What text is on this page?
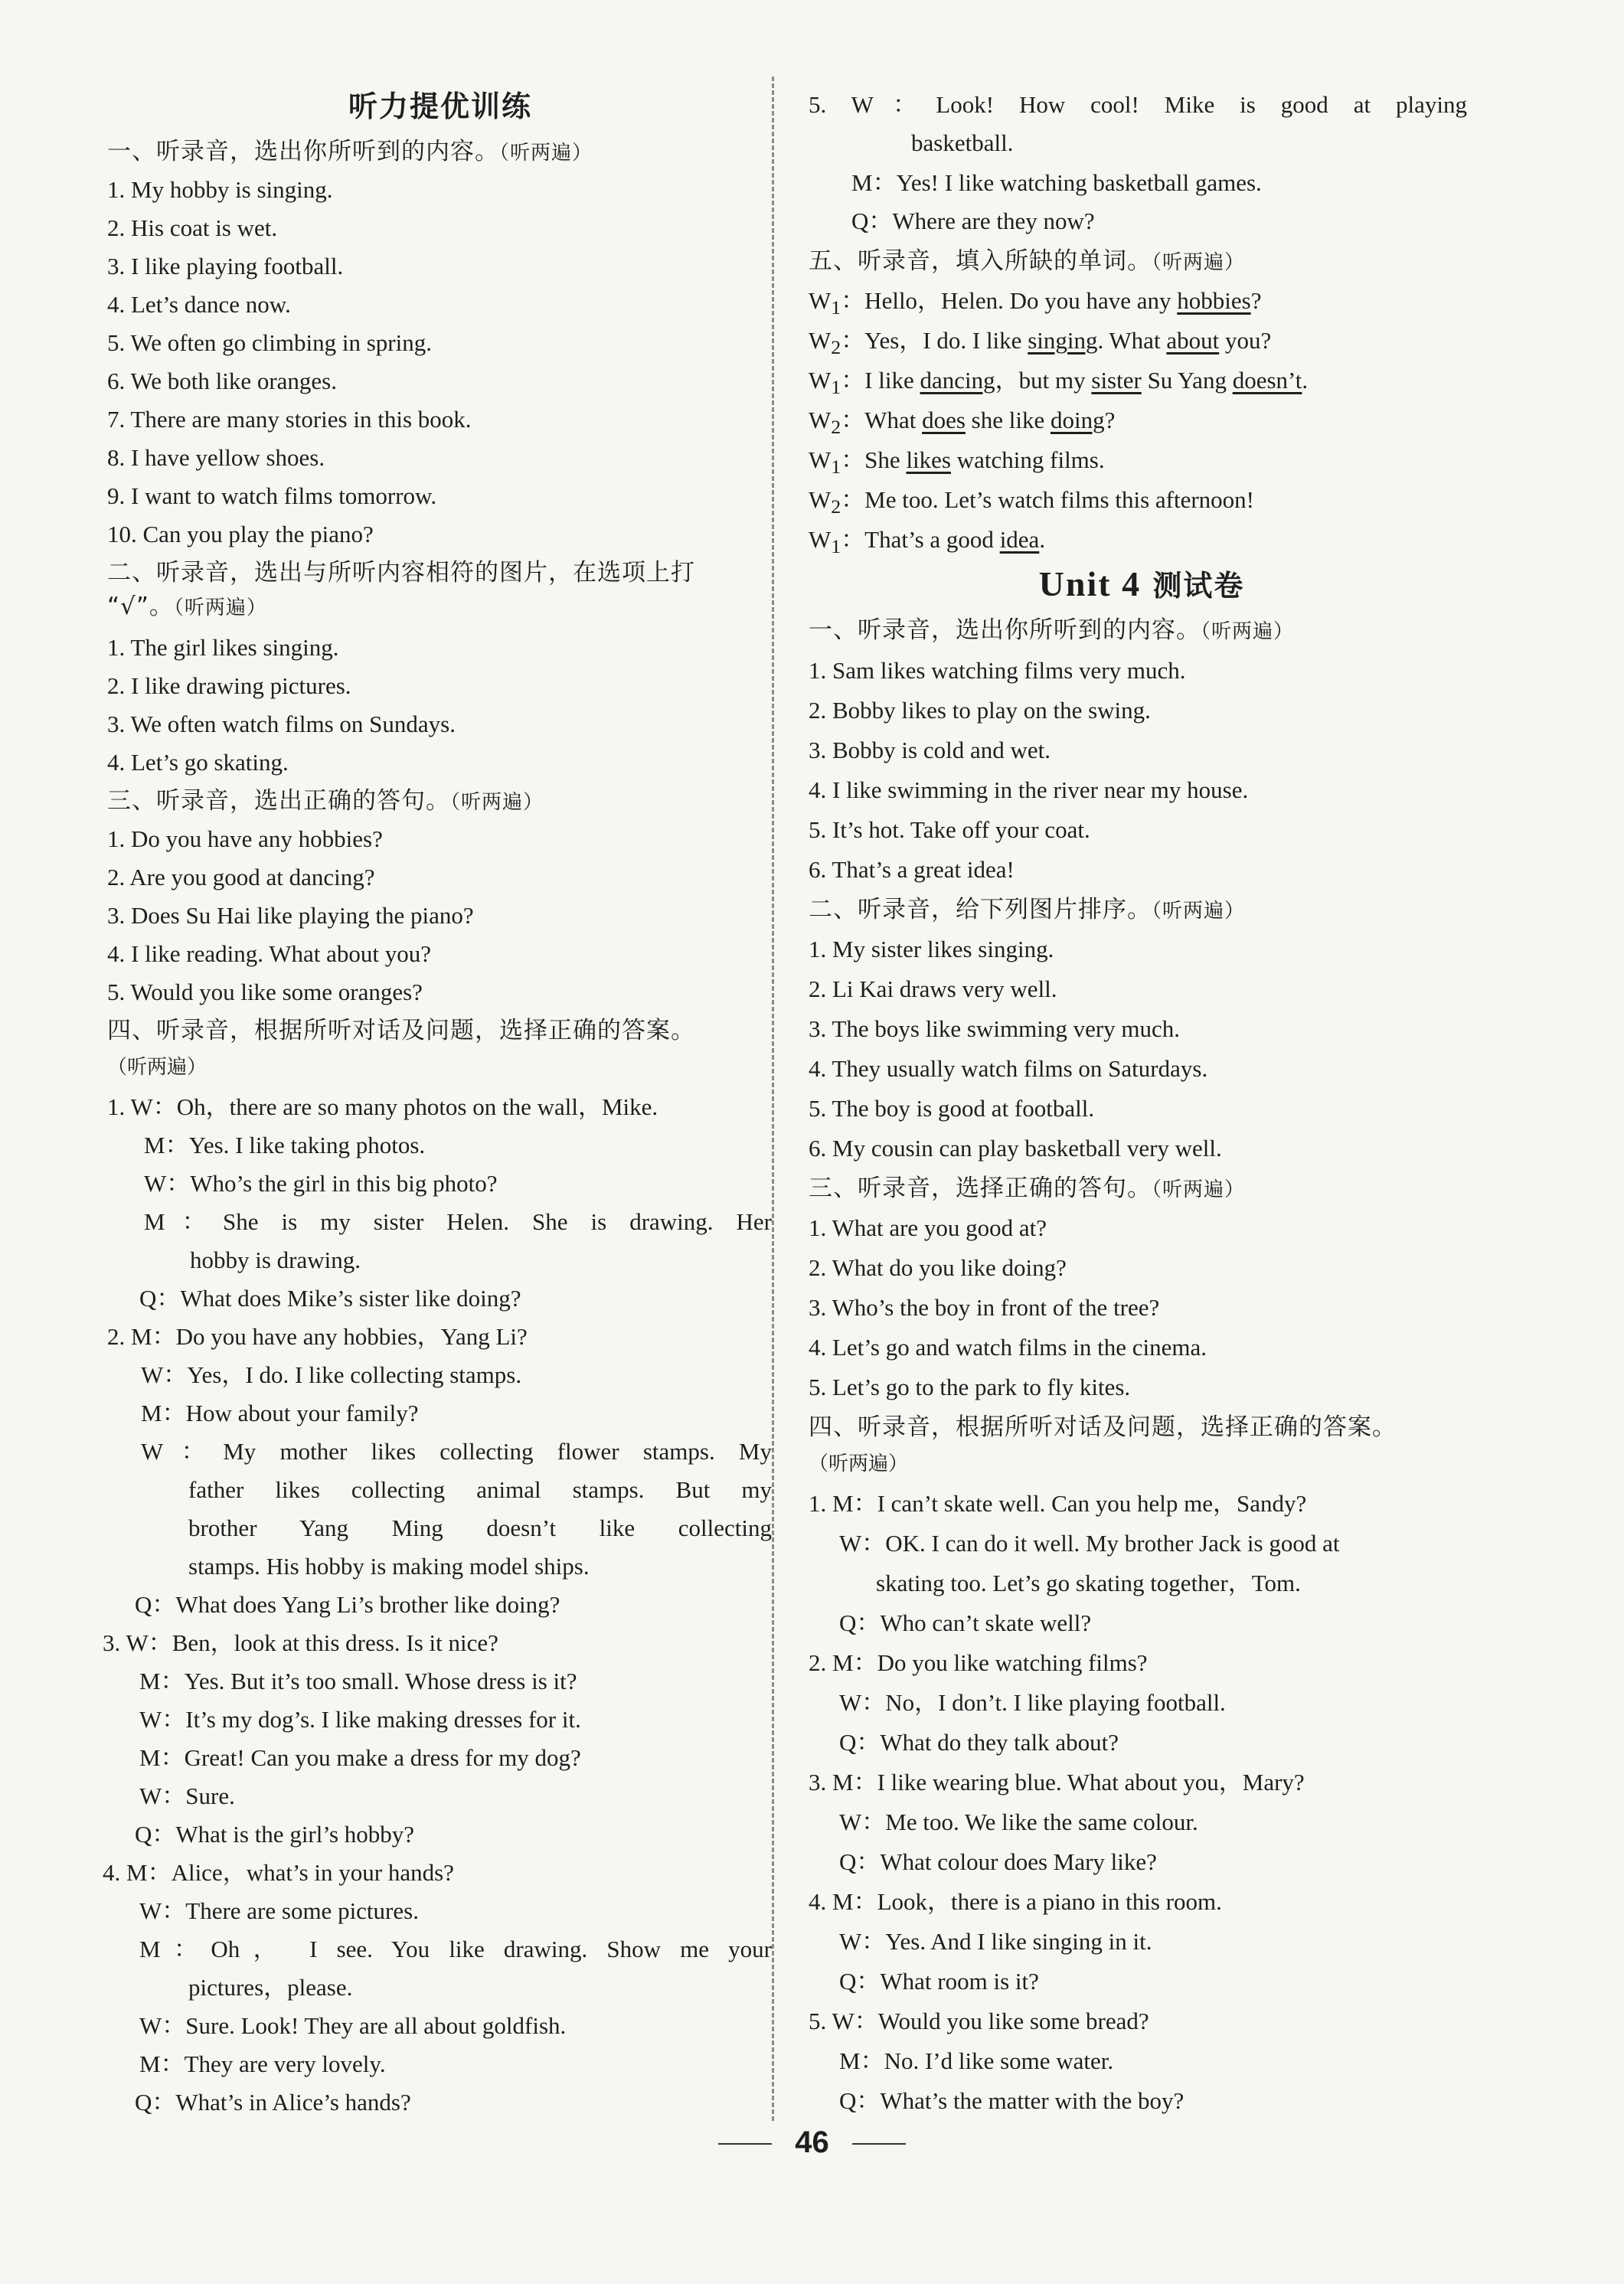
听力提优训练
一、听录音，选出你所听到的内容。（听两遍）
1. My hobby is singing.
2. His coat is wet.
3. I like playing football.
4. Let’s dance now.
5. We often go climbing in spring.
6. We both like oranges.
7. There are many stories in this book.
8. I have yellow shoes.
9. I want to watch films tomorrow.
10. Can you play the piano?
二、听录音，选出与所听内容相符的图片，在选项上打
“√”。（听两遍）
1. The girl likes singing.
2. I like drawing pictures.
3. We often watch films on Sundays.
4. Let’s go skating.
三、听录音，选出正确的答句。（听两遍）
1. Do you have any hobbies?
2. Are you good at dancing?
3. Does Su Hai like playing the piano?
4. I like reading. What about you?
5. Would you like some oranges?
四、听录音，根据所听对话及问题，选择正确的答案。
（听两遍）
1. W：Oh，there are so many photos on the wall，Mike.
M：Yes. I like taking photos.
W：Who’s the girl in this big photo?
M：She is my sister Helen. She is drawing. Her
hobby is drawing.
Q：What does Mike’s sister like doing?
2. M：Do you have any hobbies，Yang Li?
W：Yes，I do. I like collecting stamps.
M：How about your family?
W：My mother likes collecting flower stamps. My
father likes collecting animal stamps. But my
brother Yang Ming doesn’t like collecting
stamps. His hobby is making model ships.
Q：What does Yang Li’s brother like doing?
3. W：Ben，look at this dress. Is it nice?
M：Yes. But it’s too small. Whose dress is it?
W：It’s my dog’s. I like making dresses for it.
M：Great! Can you make a dress for my dog?
W：Sure.
Q：What is the girl’s hobby?
4. M：Alice，what’s in your hands?
W：There are some pictures.
M：Oh， I see. You like drawing. Show me your
pictures，please.
W：Sure. Look! They are all about goldfish.
M：They are very lovely.
Q：What’s in Alice’s hands?
5. W：Look! How cool! Mike is good at playing
basketball.
M：Yes! I like watching basketball games.
Q：Where are they now?
五、听录音，填入所缺的单词。（听两遍）
$W_1$：Hello，Helen. Do you have any hobbies?
$W_2$：Yes，I do. I like singing. What about you?
$W_1$：I like dancing，but my sister Su Yang doesn’t.
$W_2$：What does she like doing?
$W_1$：She likes watching films.
$W_2$：Me too. Let’s watch films this afternoon!
$W_1$：That’s a good idea.
Unit 4 测试卷
一、听录音，选出你所听到的内容。（听两遍）
1. Sam likes watching films very much.
2. Bobby likes to play on the swing.
3. Bobby is cold and wet.
4. I like swimming in the river near my house.
5. It’s hot. Take off your coat.
6. That’s a great idea!
二、听录音，给下列图片排序。（听两遍）
1. My sister likes singing.
2. Li Kai draws very well.
3. The boys like swimming very much.
4. They usually watch films on Saturdays.
5. The boy is good at football.
6. My cousin can play basketball very well.
三、听录音，选择正确的答句。（听两遍）
1. What are you good at?
2. What do you like doing?
3. Who’s the boy in front of the tree?
4. Let’s go and watch films in the cinema.
5. Let’s go to the park to fly kites.
四、听录音，根据所听对话及问题，选择正确的答案。
（听两遍）
1. M：I can’t skate well. Can you help me，Sandy?
W：OK. I can do it well. My brother Jack is good at
skating too. Let’s go skating together，Tom.
Q：Who can’t skate well?
2. M：Do you like watching films?
W：No，I don’t. I like playing football.
Q：What do they talk about?
3. M：I like wearing blue. What about you，Mary?
W：Me too. We like the same colour.
Q：What colour does Mary like?
4. M：Look，there is a piano in this room.
W：Yes. And I like singing in it.
Q：What room is it?
5. W：Would you like some bread?
M：No. I’d like some water.
Q：What’s the matter with the boy?
46
